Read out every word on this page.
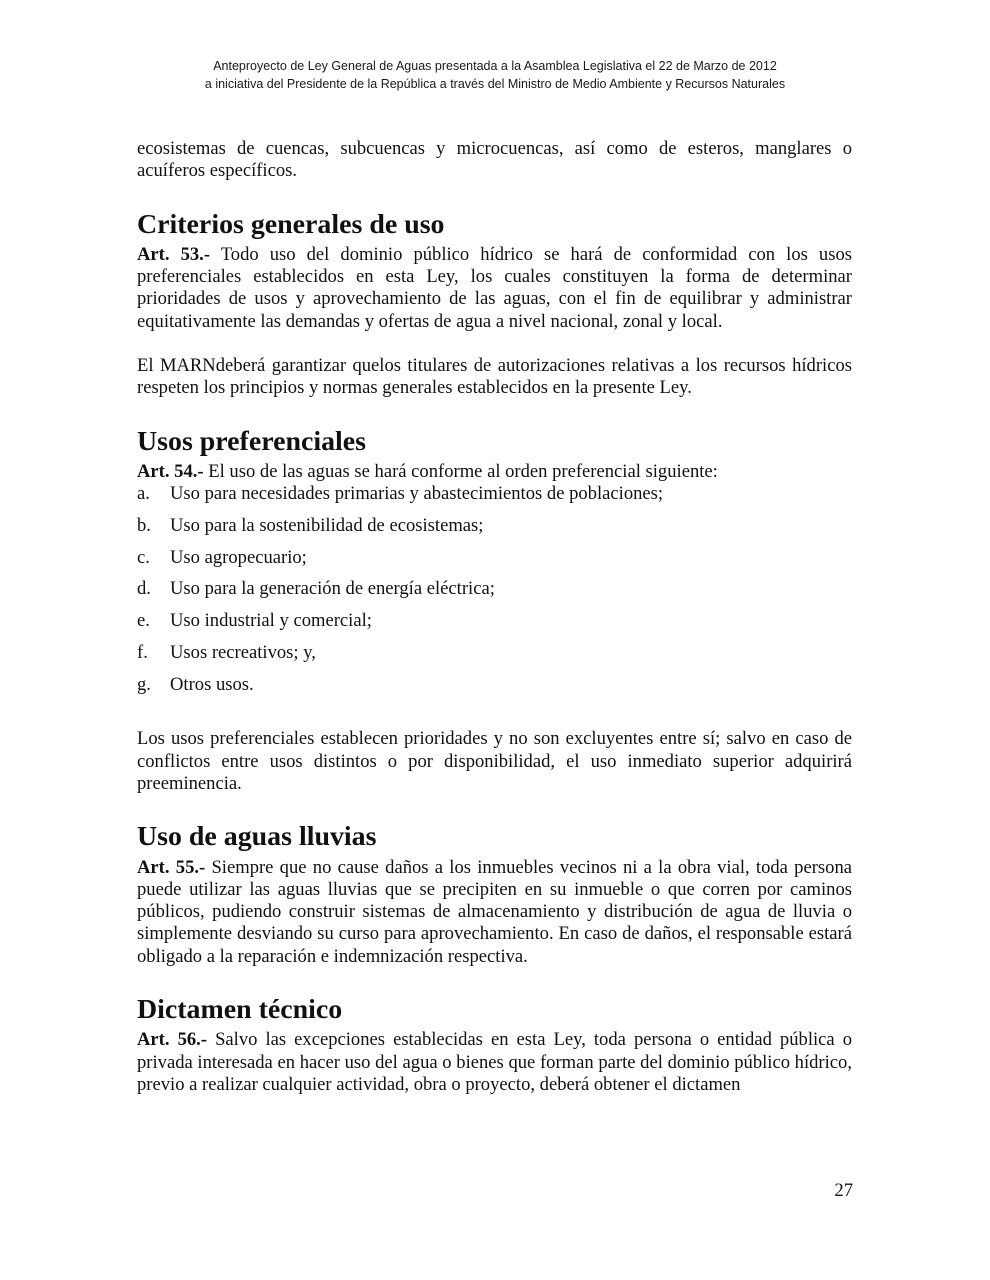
Anteproyecto de Ley General de Aguas presentada a la Asamblea Legislativa el 22 de Marzo de 2012
a iniciativa del Presidente de la República a través del Ministro de Medio Ambiente y Recursos Naturales

ecosistemas de cuencas, subcuencas y microcuencas, así como de esteros, manglares o acuíferos específicos.

Criterios generales de uso

Art. 53.- Todo uso del dominio público hídrico se hará de conformidad con los usos preferenciales establecidos en esta Ley, los cuales constituyen la forma de determinar prioridades de usos y aprovechamiento de las aguas, con el fin de equilibrar y administrar equitativamente las demandas y ofertas de agua a nivel nacional, zonal y local.

El MARNdeberá garantizar quelos titulares de autorizaciones relativas a los recursos hídricos respeten los principios y normas generales establecidos en la presente Ley.

Usos preferenciales

Art. 54.- El uso de las aguas se hará conforme al orden preferencial siguiente:

a.	Uso para necesidades primarias y abastecimientos de poblaciones;
b.	Uso para la sostenibilidad de ecosistemas;
c.	Uso agropecuario;
d.	Uso para la generación de energía eléctrica;
e.	Uso industrial y comercial;
f.	Usos recreativos; y,
g.	Otros usos.

Los usos preferenciales establecen prioridades y no son excluyentes entre sí; salvo en caso de conflictos entre usos distintos o por disponibilidad, el uso inmediato superior adquirirá preeminencia.

Uso de aguas lluvias

Art. 55.- Siempre que no cause daños a los inmuebles vecinos ni a la obra vial, toda persona puede utilizar las aguas lluvias que se precipiten en su inmueble o que corren por caminos públicos, pudiendo construir sistemas de almacenamiento y distribución de agua de lluvia o simplemente desviando su curso para aprovechamiento. En caso de daños, el responsable estará obligado a la reparación e indemnización respectiva.

Dictamen técnico

Art. 56.- Salvo las excepciones establecidas en esta Ley, toda persona o entidad pública o privada interesada en hacer uso del agua o bienes que forman parte del dominio público hídrico, previo a realizar cualquier actividad, obra o proyecto, deberá obtener el dictamen

27
